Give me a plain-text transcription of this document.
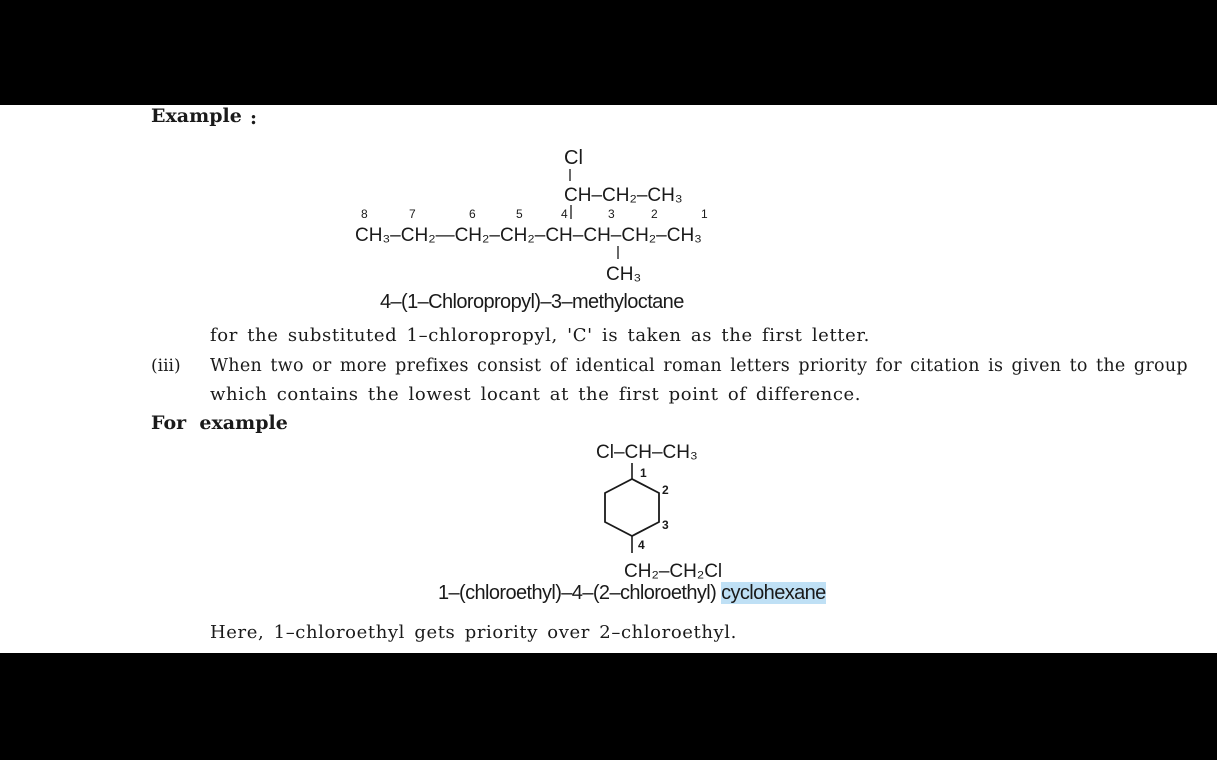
Example :
Cl
CH–CH₂–CH₃
8	7	6	5	4	3	2	1
CH₃–CH₂—CH₂–CH₂–CH–CH–CH₂–CH₃
CH₃
4–(1–Chloropropyl)–3–methyloctane
for the substituted 1–chloropropyl, 'C' is taken as the first letter.
(iii) When two or more prefixes consist of identical roman letters priority for citation is given to the group
which contains the lowest locant at the first point of difference.
For  example
Cl–CH–CH₃
1
2
3
4
CH₂–CH₂Cl
1–(chloroethyl)–4–(2–chloroethyl) cyclohexane
Here, 1–chloroethyl gets priority over 2–chloroethyl.
